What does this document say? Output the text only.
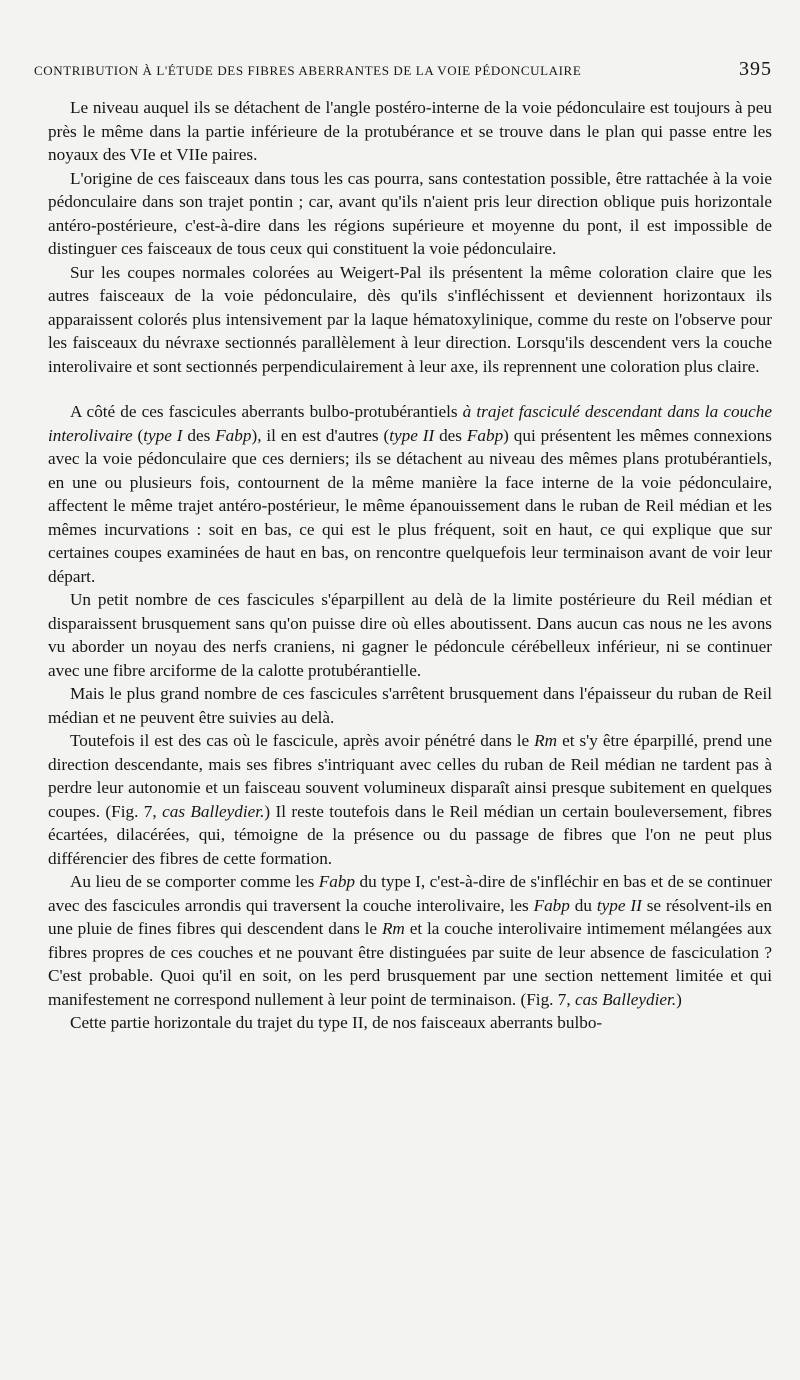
CONTRIBUTION À L'ÉTUDE DES FIBRES ABERRANTES DE LA VOIE PÉDONCULAIRE	395

Le niveau auquel ils se détachent de l'angle postéro-interne de la voie pédonculaire est toujours à peu près le même dans la partie inférieure de la protubérance et se trouve dans le plan qui passe entre les noyaux des VIe et VIIe paires.

L'origine de ces faisceaux dans tous les cas pourra, sans contestation possible, être rattachée à la voie pédonculaire dans son trajet pontin ; car, avant qu'ils n'aient pris leur direction oblique puis horizontale antéro-postérieure, c'est-à-dire dans les régions supérieure et moyenne du pont, il est impossible de distinguer ces faisceaux de tous ceux qui constituent la voie pédonculaire.

Sur les coupes normales colorées au Weigert-Pal ils présentent la même coloration claire que les autres faisceaux de la voie pédonculaire, dès qu'ils s'infléchissent et deviennent horizontaux ils apparaissent colorés plus intensivement par la laque hématoxylinique, comme du reste on l'observe pour les faisceaux du névraxe sectionnés parallèlement à leur direction. Lorsqu'ils descendent vers la couche interolivaire et sont sectionnés perpendiculairement à leur axe, ils reprennent une coloration plus claire.

A côté de ces fascicules aberrants bulbo-protubérantiels à trajet fasciculé descendant dans la couche interolivaire (type I des Fabp), il en est d'autres (type II des Fabp) qui présentent les mêmes connexions avec la voie pédonculaire que ces derniers; ils se détachent au niveau des mêmes plans protubérantiels, en une ou plusieurs fois, contournent de la même manière la face interne de la voie pédonculaire, affectent le même trajet antéro-postérieur, le même épanouissement dans le ruban de Reil médian et les mêmes incurvations : soit en bas, ce qui est le plus fréquent, soit en haut, ce qui explique que sur certaines coupes examinées de haut en bas, on rencontre quelquefois leur terminaison avant de voir leur départ.

Un petit nombre de ces fascicules s'éparpillent au delà de la limite postérieure du Reil médian et disparaissent brusquement sans qu'on puisse dire où elles aboutissent. Dans aucun cas nous ne les avons vu aborder un noyau des nerfs craniens, ni gagner le pédoncule cérébelleux inférieur, ni se continuer avec une fibre arciforme de la calotte protubérantielle.

Mais le plus grand nombre de ces fascicules s'arrêtent brusquement dans l'épaisseur du ruban de Reil médian et ne peuvent être suivies au delà.

Toutefois il est des cas où le fascicule, après avoir pénétré dans le Rm et s'y être éparpillé, prend une direction descendante, mais ses fibres s'intriquant avec celles du ruban de Reil médian ne tardent pas à perdre leur autonomie et un faisceau souvent volumineux disparaît ainsi presque subitement en quelques coupes. (Fig. 7, cas Balleydier.) Il reste toutefois dans le Reil médian un certain bouleversement, fibres écartées, dilacérées, qui, témoigne de la présence ou du passage de fibres que l'on ne peut plus différencier des fibres de cette formation.

Au lieu de se comporter comme les Fabp du type I, c'est-à-dire de s'infléchir en bas et de se continuer avec des fascicules arrondis qui traversent la couche interolivaire, les Fabp du type II se résolvent-ils en une pluie de fines fibres qui descendent dans le Rm et la couche interolivaire intimement mélangées aux fibres propres de ces couches et ne pouvant être distinguées par suite de leur absence de fasciculation ? C'est probable. Quoi qu'il en soit, on les perd brusquement par une section nettement limitée et qui manifestement ne correspond nullement à leur point de terminaison. (Fig. 7, cas Balleydier.)

Cette partie horizontale du trajet du type II, de nos faisceaux aberrants bulbo-
